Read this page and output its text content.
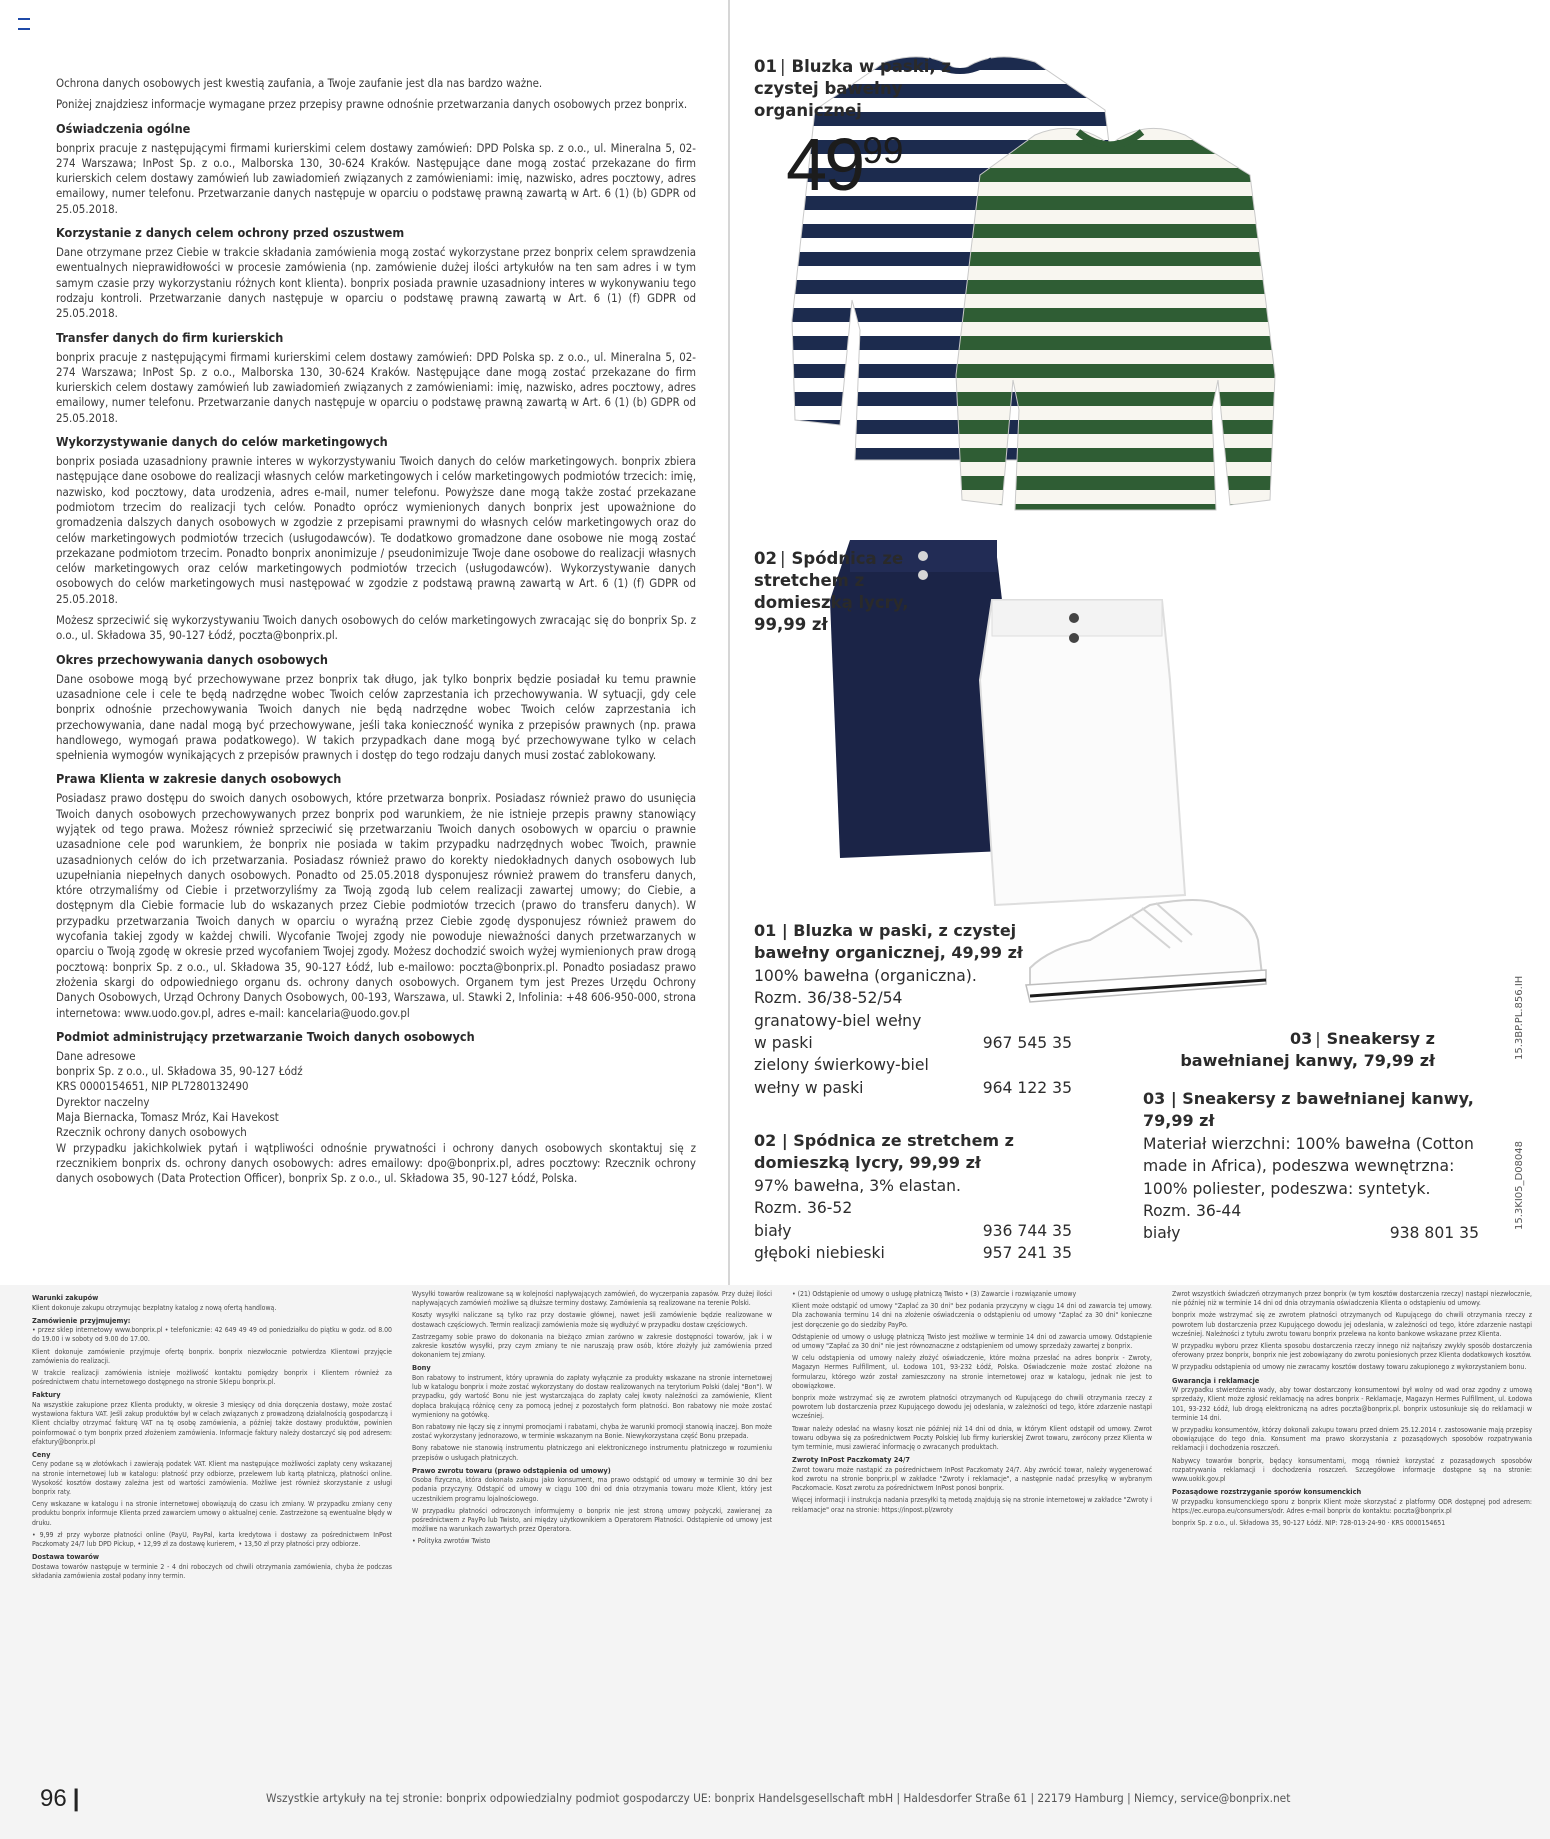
Ochrona danych osobowych jest kwestią zaufania, a Twoje zaufanie jest dla nas bardzo ważne.

Poniżej znajdziesz informacje wymagane przez przepisy prawne odnośnie przetwarzania danych osobowych przez bonprix.

Oświadczenia ogólne

bonprix pracuje z następującymi firmami kurierskimi celem dostawy zamówień: DPD Polska sp. z o.o., ul. Mineralna 5, 02-274 Warszawa; InPost Sp. z o.o., Malborska 130, 30-624 Kraków. Następujące dane mogą zostać przekazane do firm kurierskich celem dostawy zamówień lub zawiadomień związanych z zamówieniami: imię, nazwisko, adres pocztowy, adres emailowy, numer telefonu. Przetwarzanie danych następuje w oparciu o podstawę prawną zawartą w Art. 6 (1) (b) GDPR od 25.05.2018.

Korzystanie z danych celem ochrony przed oszustwem

Dane otrzymane przez Ciebie w trakcie składania zamówienia mogą zostać wykorzystane przez bonprix celem sprawdzenia ewentualnych nieprawidłowości w procesie zamówienia (np. zamówienie dużej ilości artykułów na ten sam adres i w tym samym czasie przy wykorzystaniu różnych kont klienta). bonprix posiada prawnie uzasadniony interes w wykonywaniu tego rodzaju kontroli. Przetwarzanie danych następuje w oparciu o podstawę prawną zawartą w Art. 6 (1) (f) GDPR od 25.05.2018.

Transfer danych do firm kurierskich

bonprix pracuje z następującymi firmami kurierskimi celem dostawy zamówień: DPD Polska sp. z o.o., ul. Mineralna 5, 02-274 Warszawa; InPost Sp. z o.o., Malborska 130, 30-624 Kraków. Następujące dane mogą zostać przekazane do firm kurierskich celem dostawy zamówień lub zawiadomień związanych z zamówieniami: imię, nazwisko, adres pocztowy, adres emailowy, numer telefonu. Przetwarzanie danych następuje w oparciu o podstawę prawną zawartą w Art. 6 (1) (b) GDPR od 25.05.2018.

Wykorzystywanie danych do celów marketingowych

bonprix posiada uzasadniony prawnie interes w wykorzystywaniu Twoich danych do celów marketingowych. bonprix zbiera następujące dane osobowe do realizacji własnych celów marketingowych i celów marketingowych podmiotów trzecich: imię, nazwisko, kod pocztowy, data urodzenia, adres e-mail, numer telefonu. Powyższe dane mogą także zostać przekazane podmiotom trzecim do realizacji tych celów. Ponadto oprócz wymienionych danych bonprix jest upoważnione do gromadzenia dalszych danych osobowych w zgodzie z przepisami prawnymi do własnych celów marketingowych oraz do celów marketingowych podmiotów trzecich (usługodawców). Te dodatkowo gromadzone dane osobowe nie mogą zostać przekazane podmiotom trzecim. Ponadto bonprix anonimizuje / pseudonimizuje Twoje dane osobowe do realizacji własnych celów marketingowych oraz celów marketingowych podmiotów trzecich (usługodawców). Wykorzystywanie danych osobowych do celów marketingowych musi następować w zgodzie z podstawą prawną zawartą w Art. 6 (1) (f) GDPR od 25.05.2018.

Możesz sprzeciwić się wykorzystywaniu Twoich danych osobowych do celów marketingowych zwracając się do bonprix Sp. z o.o., ul. Składowa 35, 90-127 Łódź, poczta@bonprix.pl.

Okres przechowywania danych osobowych

Dane osobowe mogą być przechowywane przez bonprix tak długo, jak tylko bonprix będzie posiadał ku temu prawnie uzasadnione cele i cele te będą nadrzędne wobec Twoich celów zaprzestania ich przechowywania. W sytuacji, gdy cele bonprix odnośnie przechowywania Twoich danych nie będą nadrzędne wobec Twoich celów zaprzestania ich przechowywania, dane nadal mogą być przechowywane, jeśli taka konieczność wynika z przepisów prawnych (np. prawa handlowego, wymogań prawa podatkowego). W takich przypadkach dane mogą być przechowywane tylko w celach spełnienia wymogów wynikających z przepisów prawnych i dostęp do tego rodzaju danych musi zostać zablokowany.

Prawa Klienta w zakresie danych osobowych

Posiadasz prawo dostępu do swoich danych osobowych, które przetwarza bonprix. Posiadasz również prawo do usunięcia Twoich danych osobowych przechowywanych przez bonprix pod warunkiem, że nie istnieje przepis prawny stanowiący wyjątek od tego prawa. Możesz również sprzeciwić się przetwarzaniu Twoich danych osobowych w oparciu o prawnie uzasadnione cele pod warunkiem, że bonprix nie posiada w takim przypadku nadrzędnych wobec Twoich, prawnie uzasadnionych celów do ich przetwarzania. Posiadasz również prawo do korekty niedokładnych danych osobowych lub uzupełniania niepełnych danych osobowych. Ponadto od 25.05.2018 dysponujesz również prawem do transferu danych, które otrzymaliśmy od Ciebie i przetworzyliśmy za Twoją zgodą lub celem realizacji zawartej umowy; do Ciebie, a dostępnym dla Ciebie formacie lub do wskazanych przez Ciebie podmiotów trzecich (prawo do transferu danych). W przypadku przetwarzania Twoich danych w oparciu o wyraźną przez Ciebie zgodę dysponujesz również prawem do wycofania takiej zgody w każdej chwili. Wycofanie Twojej zgody nie powoduje nieważności danych przetwarzanych w oparciu o Twoją zgodę w okresie przed wycofaniem Twojej zgody. Możesz dochodzić swoich wyżej wymienionych praw drogą pocztową: bonprix Sp. z o.o., ul. Składowa 35, 90-127 Łódź, lub e-mailowo: poczta@bonprix.pl. Ponadto posiadasz prawo złożenia skargi do odpowiedniego organu ds. ochrony danych osobowych. Organem tym jest Prezes Urzędu Ochrony Danych Osobowych, Urząd Ochrony Danych Osobowych, 00-193, Warszawa, ul. Stawki 2, Infolinia: +48 606-950-000, strona internetowa: www.uodo.gov.pl, adres e-mail: kancelaria@uodo.gov.pl

Podmiot administrujący przetwarzanie Twoich danych osobowych

Dane adresowe

bonprix Sp. z o.o., ul. Składowa 35, 90-127 Łódź

KRS 0000154651, NIP PL7280132490

Dyrektor naczelny

Maja Biernacka, Tomasz Mróz, Kai Havekost

Rzecznik ochrony danych osobowych

W przypadku jakichkolwiek pytań i wątpliwości odnośnie prywatności i ochrony danych osobowych skontaktuj się z rzecznikiem bonprix ds. ochrony danych osobowych: adres emailowy: dpo@bonprix.pl, adres pocztowy: Rzecznik ochrony danych osobowych (Data Protection Officer), bonprix Sp. z o.o., ul. Składowa 35, 90-127 Łódź, Polska.

01 | Bluzka w paski, z czystej bawełny organicznej
4999
02 | Spódnica ze stretchem z domieszką lycry, 99,99 zł
03 | Sneakersy z bawełnianej kanwy, 79,99 zł
01 | Bluzka w paski, z czystej bawełny organicznej, 49,99 zł
100% bawełna (organiczna).
Rozm. 36/38-52/54
granatowy-biel wełny
w paski	967 545 35
zielony świerkowy-biel
wełny w paski	964 122 35
02 | Spódnica ze stretchem z domieszką lycry, 99,99 zł
97% bawełna, 3% elastan.
Rozm. 36-52
biały	936 744 35
głęboki niebieski	957 241 35
03 | Sneakersy z bawełnianej kanwy, 79,99 zł
Materiał wierzchni: 100% bawełna (Cotton made in Africa), podeszwa wewnętrzna: 100% poliester, podeszwa: syntetyk.
Rozm. 36-44
biały	938 801 35
15.3BP.PL.856.IH
15.3KI05_D08048
Warunki zakupów

Klient dokonuje zakupu otrzymując bezpłatny katalog z nową ofertą handlową.

Zamówienie przyjmujemy:

• przez sklep internetowy www.bonprix.pl • telefonicznie: 42 649 49 49 od poniedziałku do piątku w godz. od 8.00 do 19.00 i w soboty od 9.00 do 17.00.

Klient dokonuje zamówienie przyjmuje ofertę bonprix. bonprix niezwłocznie potwierdza Klientowi przyjęcie zamówienia do realizacji.

W trakcie realizacji zamówienia istnieje możliwość kontaktu pomiędzy bonprix i Klientem również za pośrednictwem chatu internetowego dostępnego na stronie Sklepu bonprix.pl.

Faktury

Na wszystkie zakupione przez Klienta produkty, w okresie 3 miesięcy od dnia doręczenia dostawy, może zostać wystawiona faktura VAT. Jeśli zakup produktów był w celach związanych z prowadzoną działalnością gospodarczą i Klient chciałby otrzymać fakturę VAT na tę osobę zamówienia, a później także dostawy produktów, powinien poinformować o tym bonprix przed złożeniem zamówienia. Informacje faktury należy dostarczyć się pod adresem: efaktury@bonprix.pl

Ceny

Ceny podane są w złotówkach i zawierają podatek VAT. Klient ma następujące możliwości zapłaty ceny wskazanej na stronie internetowej lub w katalogu: płatność przy odbiorze, przelewem lub kartą płatniczą, płatności online. Wysokość kosztów dostawy zależna jest od wartości zamówienia. Możliwe jest również skorzystanie z usługi bonprix raty.

Ceny wskazane w katalogu i na stronie internetowej obowiązują do czasu ich zmiany. W przypadku zmiany ceny produktu bonprix informuje Klienta przed zawarciem umowy o aktualnej cenie. Zastrzeżone są ewentualne błędy w druku.

• 9,99 zł przy wyborze płatności online (PayU, PayPal, karta kredytowa i dostawy za pośrednictwem InPost Paczkomaty 24/7 lub DPD Pickup, • 12,99 zł za dostawę kurierem, • 13,50 zł przy płatności przy odbiorze.

Dostawa towarów

Dostawa towarów następuje w terminie 2 - 4 dni roboczych od chwili otrzymania zamówienia, chyba że podczas składania zamówienia został podany inny termin.

Wysyłki towarów realizowane są w kolejności napływających zamówień, do wyczerpania zapasów. Przy dużej ilości napływających zamówień możliwe są dłuższe terminy dostawy. Zamówienia są realizowane na terenie Polski.

Koszty wysyłki naliczane są tylko raz przy dostawie głównej, nawet jeśli zamówienie będzie realizowane w dostawach częściowych. Termin realizacji zamówienia może się wydłużyć w przypadku dostaw częściowych.

Zastrzegamy sobie prawo do dokonania na bieżąco zmian zarówno w zakresie dostępności towarów, jak i w zakresie kosztów wysyłki, przy czym zmiany te nie naruszają praw osób, które złożyły już zamówienia przed dokonaniem tej zmiany.

Bony

Bon rabatowy to instrument, który uprawnia do zapłaty wyłącznie za produkty wskazane na stronie internetowej lub w katalogu bonprix i może zostać wykorzystany do dostaw realizowanych na terytorium Polski (dalej "Bon"). W przypadku, gdy wartość Bonu nie jest wystarczająca do zapłaty całej kwoty należności za zamówienie, Klient dopłaca brakującą różnicę ceny za pomocą jednej z pozostałych form płatności. Bon rabatowy nie może zostać wymieniony na gotówkę.

Bon rabatowy nie łączy się z innymi promocjami i rabatami, chyba że warunki promocji stanowią inaczej. Bon może zostać wykorzystany jednorazowo, w terminie wskazanym na Bonie. Niewykorzystana część Bonu przepada.

Bony rabatowe nie stanowią instrumentu płatniczego ani elektronicznego instrumentu płatniczego w rozumieniu przepisów o usługach płatniczych.

Prawo zwrotu towaru (prawo odstąpienia od umowy)

Osoba fizyczna, która dokonała zakupu jako konsument, ma prawo odstąpić od umowy w terminie 30 dni bez podania przyczyny. Odstąpić od umowy w ciągu 100 dni od dnia otrzymania towaru może Klient, który jest uczestnikiem programu lojalnościowego.

W przypadku płatności odroczonych informujemy o bonprix nie jest stroną umowy pożyczki, zawieranej za pośrednictwem z PayPo lub Twisto, ani między użytkownikiem a Operatorem Płatności. Odstąpienie od umowy jest możliwe na warunkach zawartych przez Operatora.

• Polityka zwrotów Twisto

• (21) Odstąpienie od umowy o usługę płatniczą Twisto • (3) Zawarcie i rozwiązanie umowy

Klient może odstąpić od umowy "Zapłać za 30 dni" bez podania przyczyny w ciągu 14 dni od zawarcia tej umowy. Dla zachowania terminu 14 dni na złożenie oświadczenia o odstąpieniu od umowy "Zapłać za 30 dni" konieczne jest doręczenie go do siedziby PayPo.

Odstąpienie od umowy o usługę płatniczą Twisto jest możliwe w terminie 14 dni od zawarcia umowy. Odstąpienie od umowy "Zapłać za 30 dni" nie jest równoznaczne z odstąpieniem od umowy sprzedaży zawartej z bonprix.

W celu odstąpienia od umowy należy złożyć oświadczenie, które można przesłać na adres bonprix - Zwroty, Magazyn Hermes Fulfillment, ul. Łodowa 101, 93-232 Łódź, Polska. Oświadczenie może zostać złożone na formularzu, którego wzór został zamieszczony na stronie internetowej oraz w katalogu, jednak nie jest to obowiązkowe.

bonprix może wstrzymać się ze zwrotem płatności otrzymanych od Kupującego do chwili otrzymania rzeczy z powrotem lub dostarczenia przez Kupującego dowodu jej odesłania, w zależności od tego, które zdarzenie nastąpi wcześniej.

Towar należy odesłać na własny koszt nie później niż 14 dni od dnia, w którym Klient odstąpił od umowy. Zwrot towaru odbywa się za pośrednictwem Poczty Polskiej lub firmy kurierskiej Zwrot towaru, zwrócony przez Klienta w tym terminie, musi zawierać informację o zwracanych produktach.

Zwroty InPost Paczkomaty 24/7

Zwrot towaru może nastąpić za pośrednictwem InPost Paczkomaty 24/7. Aby zwrócić towar, należy wygenerować kod zwrotu na stronie bonprix.pl w zakładce "Zwroty i reklamacje", a następnie nadać przesyłkę w wybranym Paczkomacie. Koszt zwrotu za pośrednictwem InPost ponosi bonprix.

Więcej informacji i instrukcja nadania przesyłki tą metodą znajdują się na stronie internetowej w zakładce "Zwroty i reklamacje" oraz na stronie: https://inpost.pl/zwroty

Zwrot wszystkich świadczeń otrzymanych przez bonprix (w tym kosztów dostarczenia rzeczy) nastąpi niezwłocznie, nie później niż w terminie 14 dni od dnia otrzymania oświadczenia Klienta o odstąpieniu od umowy.

bonprix może wstrzymać się ze zwrotem płatności otrzymanych od Kupującego do chwili otrzymania rzeczy z powrotem lub dostarczenia przez Kupującego dowodu jej odesłania, w zależności od tego, które zdarzenie nastąpi wcześniej. Należności z tytułu zwrotu towaru bonprix przelewa na konto bankowe wskazane przez Klienta.

W przypadku wyboru przez Klienta sposobu dostarczenia rzeczy innego niż najtańszy zwykły sposób dostarczenia oferowany przez bonprix, bonprix nie jest zobowiązany do zwrotu poniesionych przez Klienta dodatkowych kosztów.

W przypadku odstąpienia od umowy nie zwracamy kosztów dostawy towaru zakupionego z wykorzystaniem bonu.

Gwarancja i reklamacje

W przypadku stwierdzenia wady, aby towar dostarczony konsumentowi był wolny od wad oraz zgodny z umową sprzedaży, Klient może zgłosić reklamację na adres bonprix - Reklamacje, Magazyn Hermes Fulfillment, ul. Łodowa 101, 93-232 Łódź, lub drogą elektroniczną na adres poczta@bonprix.pl. bonprix ustosunkuje się do reklamacji w terminie 14 dni.

W przypadku konsumentów, którzy dokonali zakupu towaru przed dniem 25.12.2014 r. zastosowanie mają przepisy obowiązujące do tego dnia. Konsument ma prawo skorzystania z pozasądowych sposobów rozpatrywania reklamacji i dochodzenia roszczeń.

Nabywcy towarów bonprix, będący konsumentami, mogą również korzystać z pozasądowych sposobów rozpatrywania reklamacji i dochodzenia roszczeń. Szczegółowe informacje dostępne są na stronie: www.uokik.gov.pl

Pozasądowe rozstrzyganie sporów konsumenckich

W przypadku konsumenckiego sporu z bonprix Klient może skorzystać z platformy ODR dostępnej pod adresem: https://ec.europa.eu/consumers/odr. Adres e-mail bonprix do kontaktu: poczta@bonprix.pl

bonprix Sp. z o.o., ul. Składowa 35, 90-127 Łódź. NIP: 728-013-24-90 · KRS 0000154651

96 |	Wszystkie artykuły na tej stronie: bonprix odpowiedzialny podmiot gospodarczy UE: bonprix Handelsgesellschaft mbH | Haldesdorfer Straße 61 | 22179 Hamburg | Niemcy, service@bonprix.net
